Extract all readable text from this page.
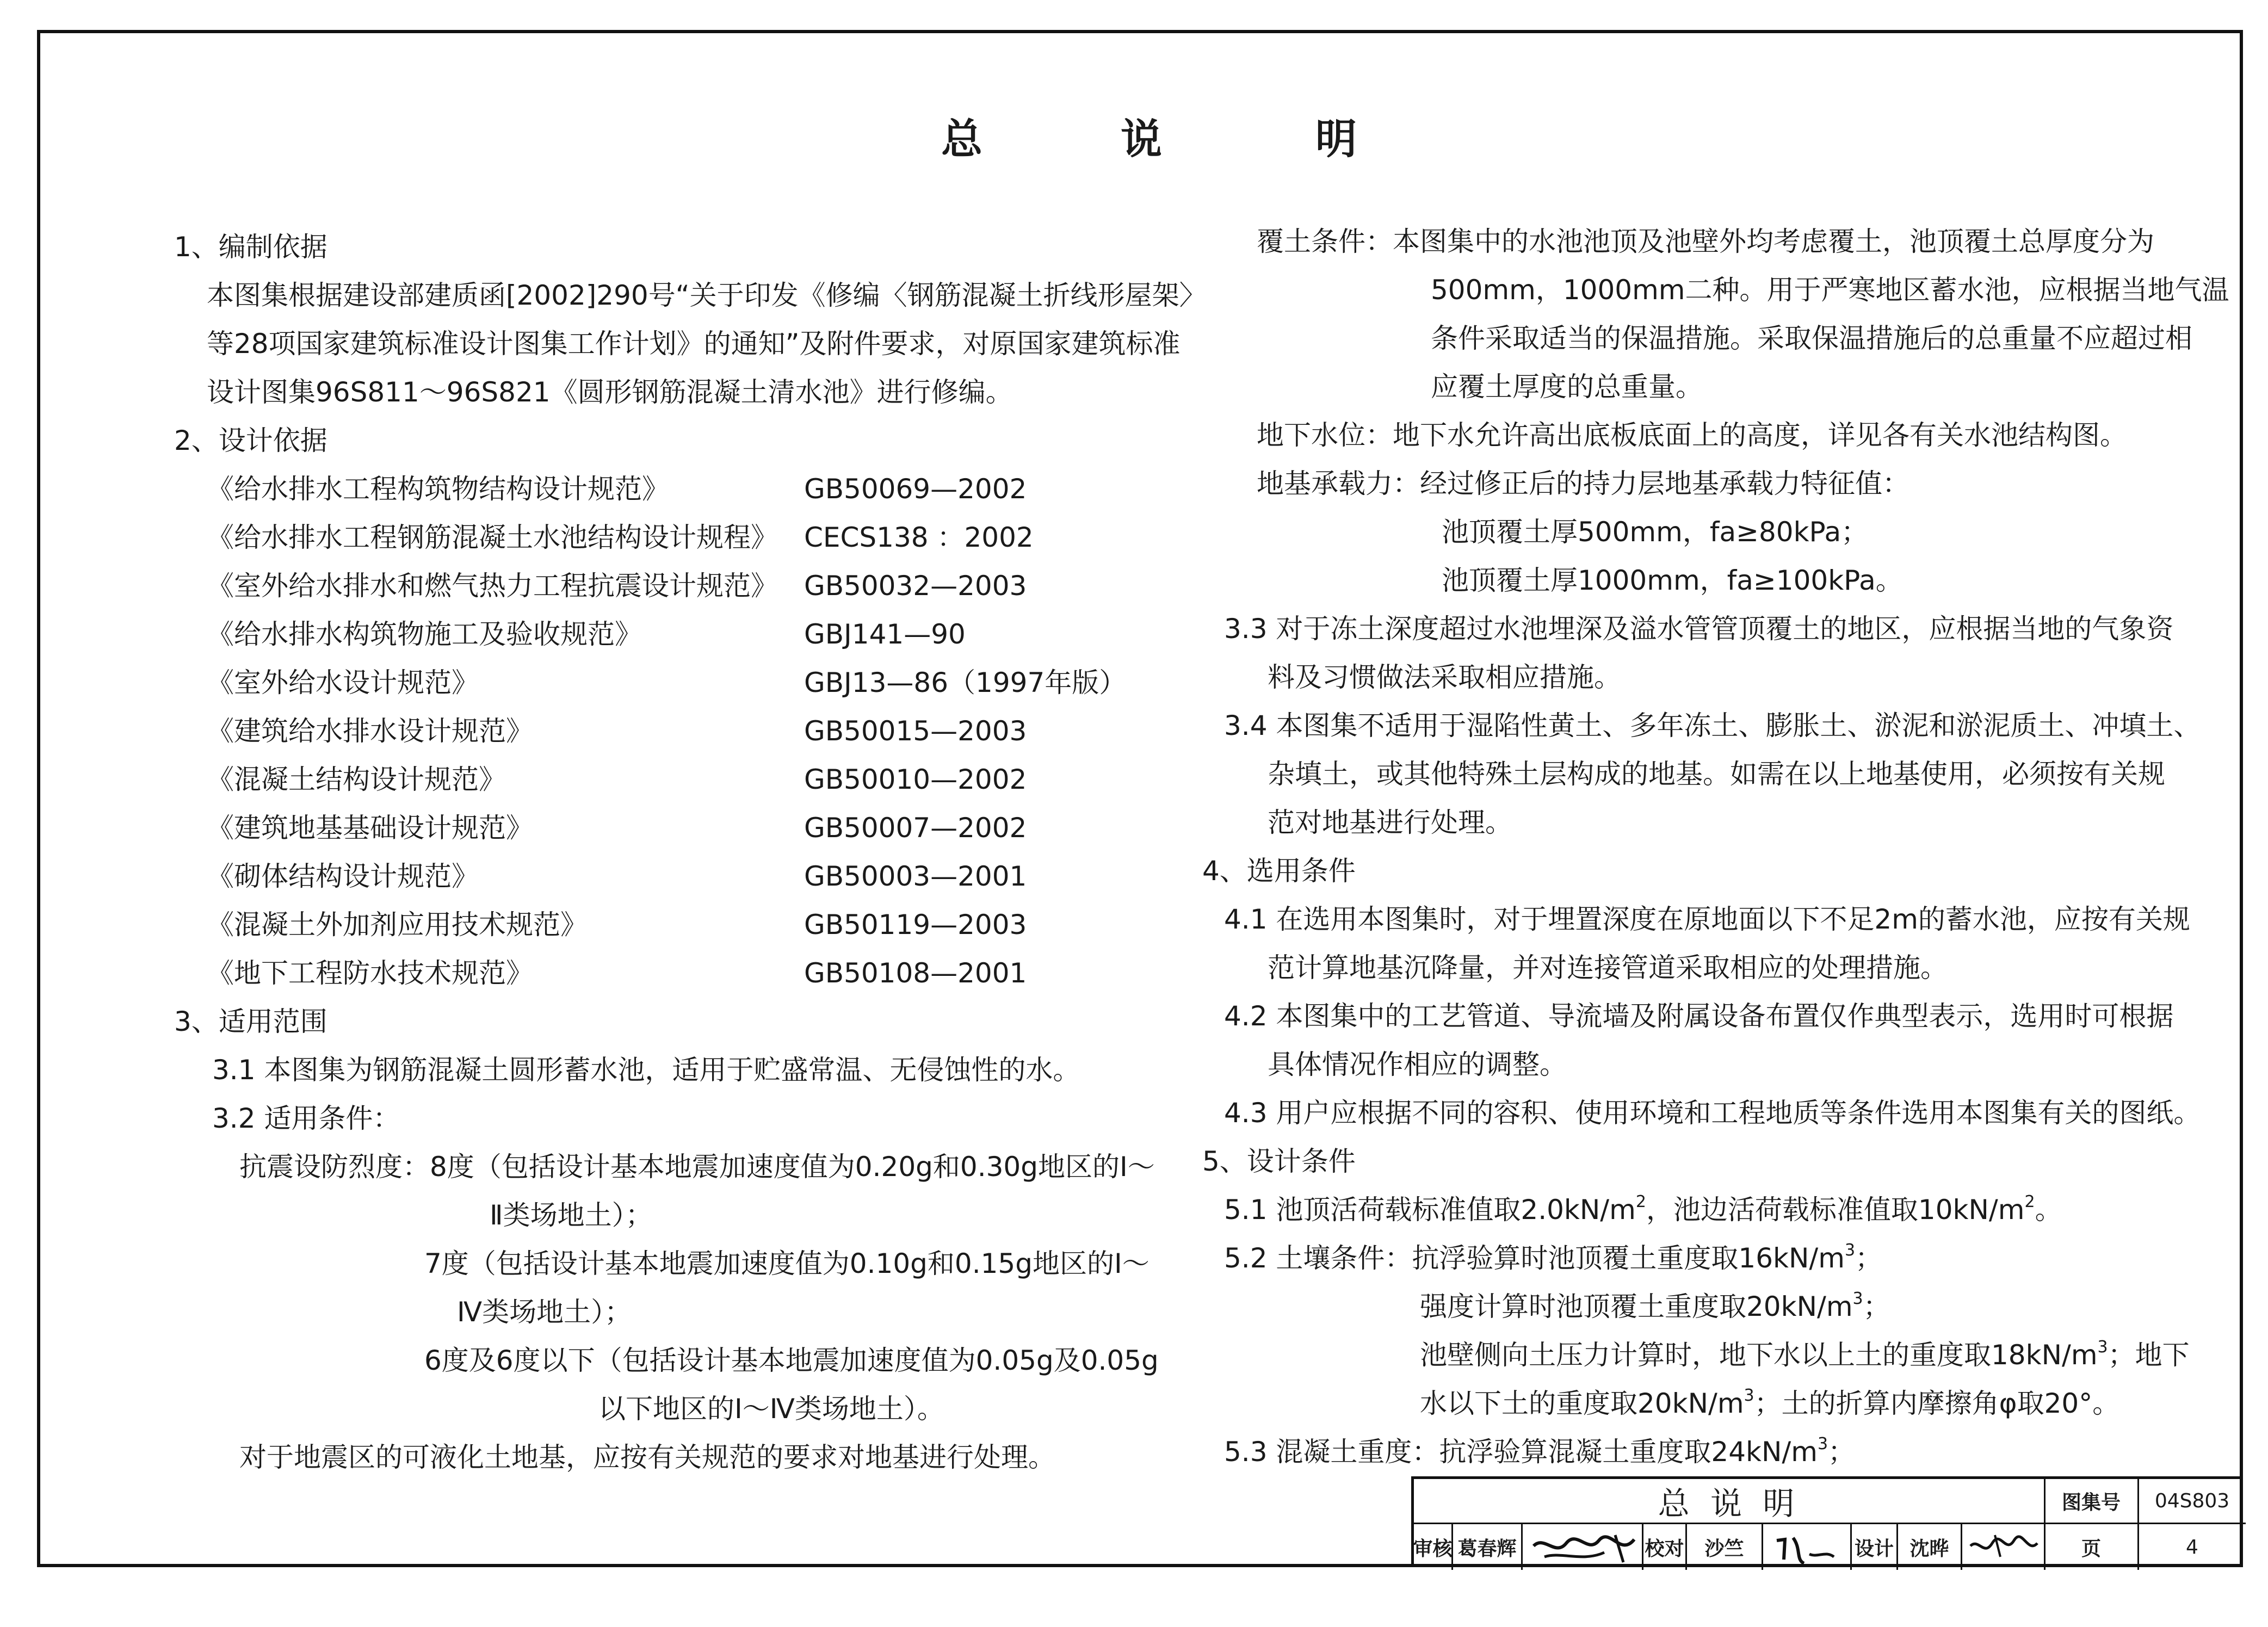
总	说	明

1、编制依据

本图集根据建设部建质函[2002]290号“关于印发《修编〈钢筋混凝土折线形屋架〉

等28项国家建筑标准设计图集工作计划》的通知”及附件要求，对原国家建筑标准

设计图集96S811～96S821《圆形钢筋混凝土清水池》进行修编。

2、设计依据

《给水排水工程构筑物结构设计规范》	GB50069—2002

《给水排水工程钢筋混凝土水池结构设计规程》 CECS138 ：2002

《室外给水排水和燃气热力工程抗震设计规范》 GB50032—2003

《给水排水构筑物施工及验收规范》	GBJ141—90

《室外给水设计规范》	GBJ13—86（1997年版）

《建筑给水排水设计规范》	GB50015—2003

《混凝土结构设计规范》	GB50010—2002

《建筑地基基础设计规范》	GB50007—2002

《砌体结构设计规范》	GB50003—2001

《混凝土外加剂应用技术规范》	GB50119—2003

《地下工程防水技术规范》	GB50108—2001

3、适用范围

3.1 本图集为钢筋混凝土圆形蓄水池，适用于贮盛常温、无侵蚀性的水。

3.2 适用条件：

抗震设防烈度：8度（包括设计基本地震加速度值为0.20g和0.30g地区的Ⅰ～

Ⅱ类场地土）；

7度（包括设计基本地震加速度值为0.10g和0.15g地区的Ⅰ～

Ⅳ类场地土）；

6度及6度以下（包括设计基本地震加速度值为0.05g及0.05g

以下地区的Ⅰ～Ⅳ类场地土）。

对于地震区的可液化土地基，应按有关规范的要求对地基进行处理。

覆土条件：本图集中的水池池顶及池壁外均考虑覆土，池顶覆土总厚度分为

500mm，1000mm二种。用于严寒地区蓄水池，应根据当地气温

条件采取适当的保温措施。采取保温措施后的总重量不应超过相

应覆土厚度的总重量。

地下水位：地下水允许高出底板底面上的高度，详见各有关水池结构图。

地基承载力：经过修正后的持力层地基承载力特征值：

池顶覆土厚500mm，fa≥80kPa；

池顶覆土厚1000mm，fa≥100kPa。

3.3 对于冻土深度超过水池埋深及溢水管管顶覆土的地区，应根据当地的气象资

料及习惯做法采取相应措施。

3.4 本图集不适用于湿陷性黄土、多年冻土、膨胀土、淤泥和淤泥质土、冲填土、

杂填土，或其他特殊土层构成的地基。如需在以上地基使用，必须按有关规

范对地基进行处理。

4、选用条件

4.1 在选用本图集时，对于埋置深度在原地面以下不足2m的蓄水池，应按有关规

范计算地基沉降量，并对连接管道采取相应的处理措施。

4.2 本图集中的工艺管道、导流墙及附属设备布置仅作典型表示，选用时可根据

具体情况作相应的调整。

4.3 用户应根据不同的容积、使用环境和工程地质等条件选用本图集有关的图纸。

5、设计条件

5.1 池顶活荷载标准值取$2.0kN/m^2$，池边活荷载标准值取$10kN/m^2$。

5.2 土壤条件：抗浮验算时池顶覆土重度取$16kN/m^3$；

强度计算时池顶覆土重度取$20kN/m^3$；

池壁侧向土压力计算时，地下水以上土的重度取$18kN/m^3$；地下

水以下土的重度取$20kN/m^3$；土的折算内摩擦角φ取20°。

5.3 混凝土重度：抗浮验算混凝土重度取$24kN/m^3$；

总 说 明	图集号	04S803
审核 葛春辉	校对	沙竺	设计 沈晔	页	4
